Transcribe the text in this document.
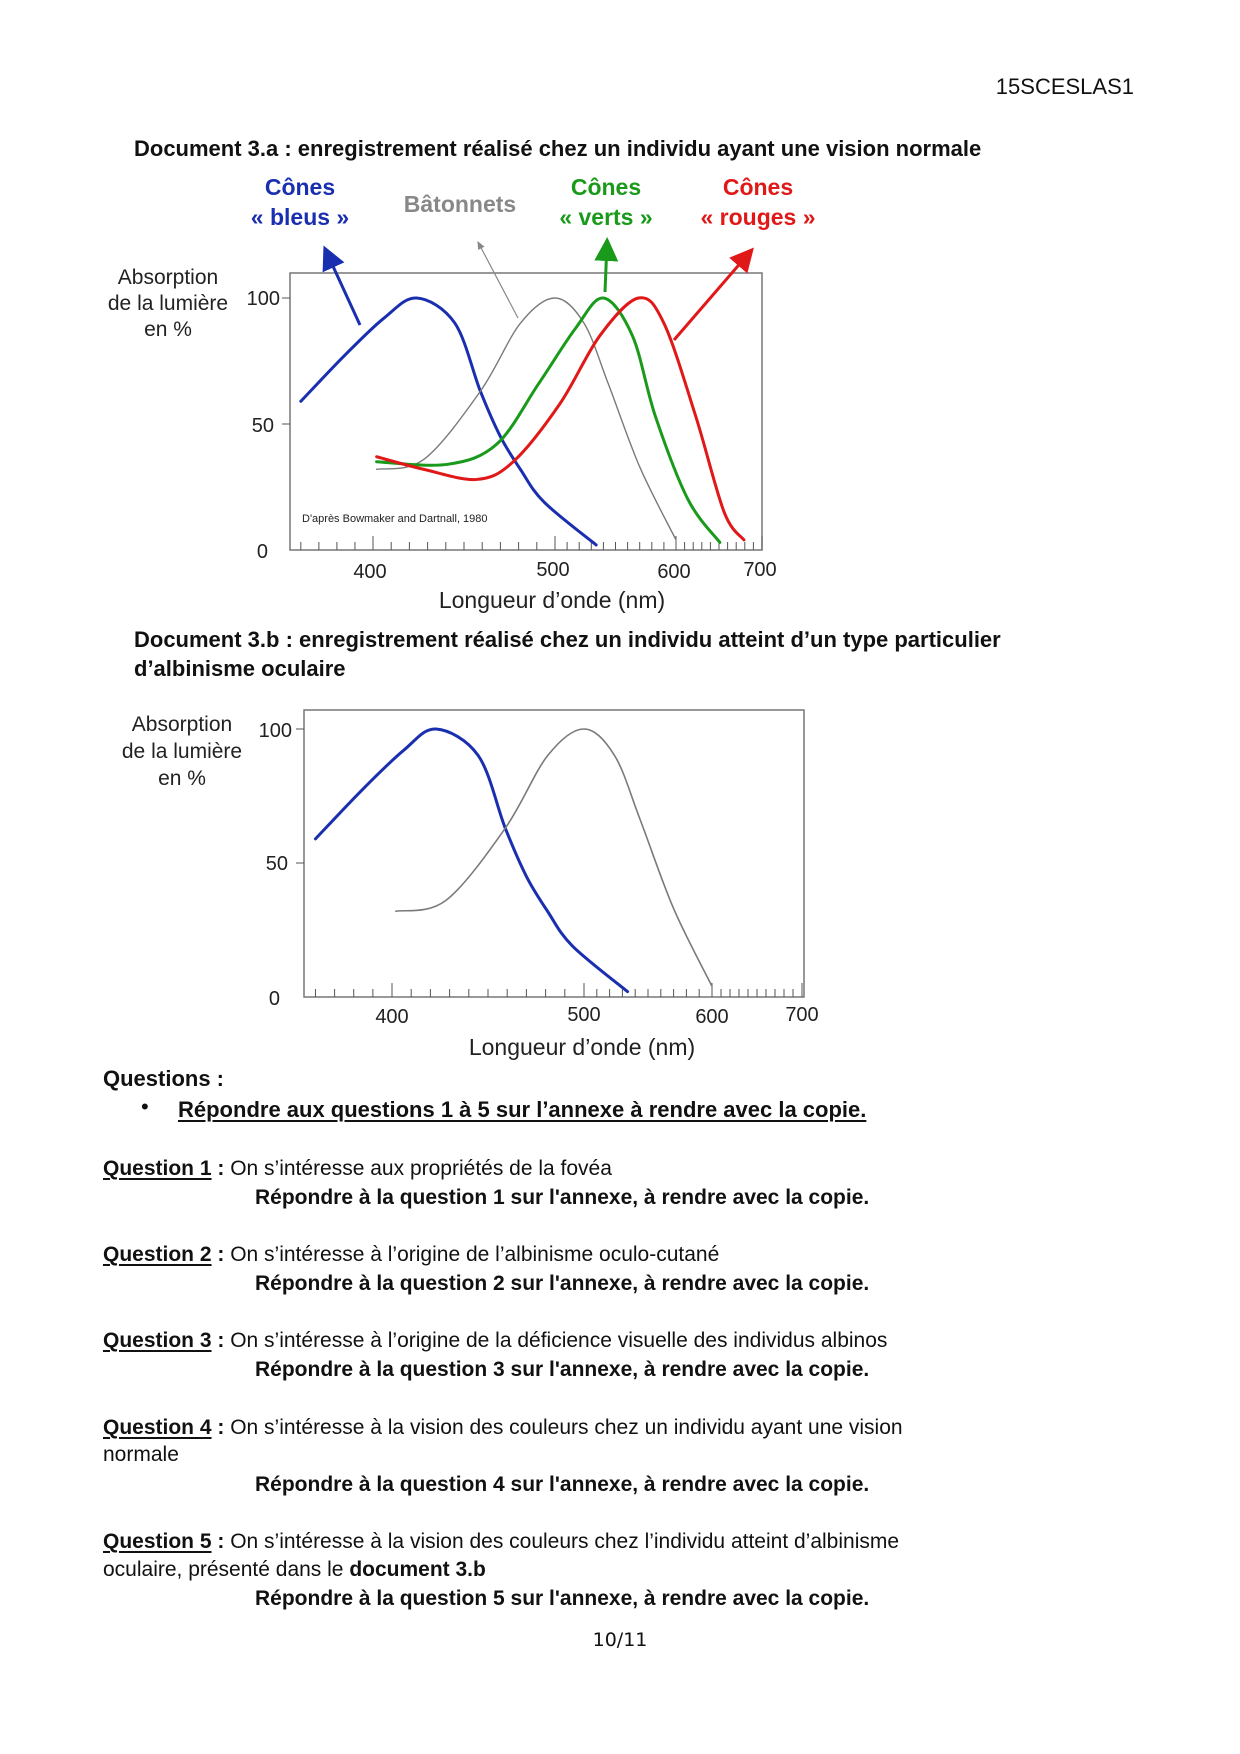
15SCESLAS1
Document 3.a : enregistrement réalisé chez un individu ayant une vision normale
D'après Bowmaker and Dartnall, 1980
Absorption
de la lumière
en %
100
50
0
400	500	600	700
Longueur d’onde (nm)
Cônes
« bleus » Bâtonnets
Cônes
« verts »
Cônes
« rouges »
Document 3.b : enregistrement réalisé chez un individu atteint d’un type particulier
d’albinisme oculaire
Absorption
de la lumière
en %
100
50
0
400	500	600	700
Longueur d’onde (nm)
Questions :
• Répondre aux questions 1 à 5 sur l’annexe à rendre avec la copie.
Question 1 : On s’intéresse aux propriétés de la fovéa
Répondre à la question 1 sur l'annexe, à rendre avec la copie.
Question 2 : On s’intéresse à l’origine de l’albinisme oculo-cutané
Répondre à la question 2 sur l'annexe, à rendre avec la copie.
Question 3 : On s’intéresse à l’origine de la déficience visuelle des individus albinos
Répondre à la question 3 sur l'annexe, à rendre avec la copie.
Question 4 : On s’intéresse à la vision des couleurs chez un individu ayant une vision
normale
Répondre à la question 4 sur l'annexe, à rendre avec la copie.
Question 5 : On s’intéresse à la vision des couleurs chez l’individu atteint d’albinisme
oculaire, présenté dans le document 3.b
Répondre à la question 5 sur l'annexe, à rendre avec la copie.
10/11
